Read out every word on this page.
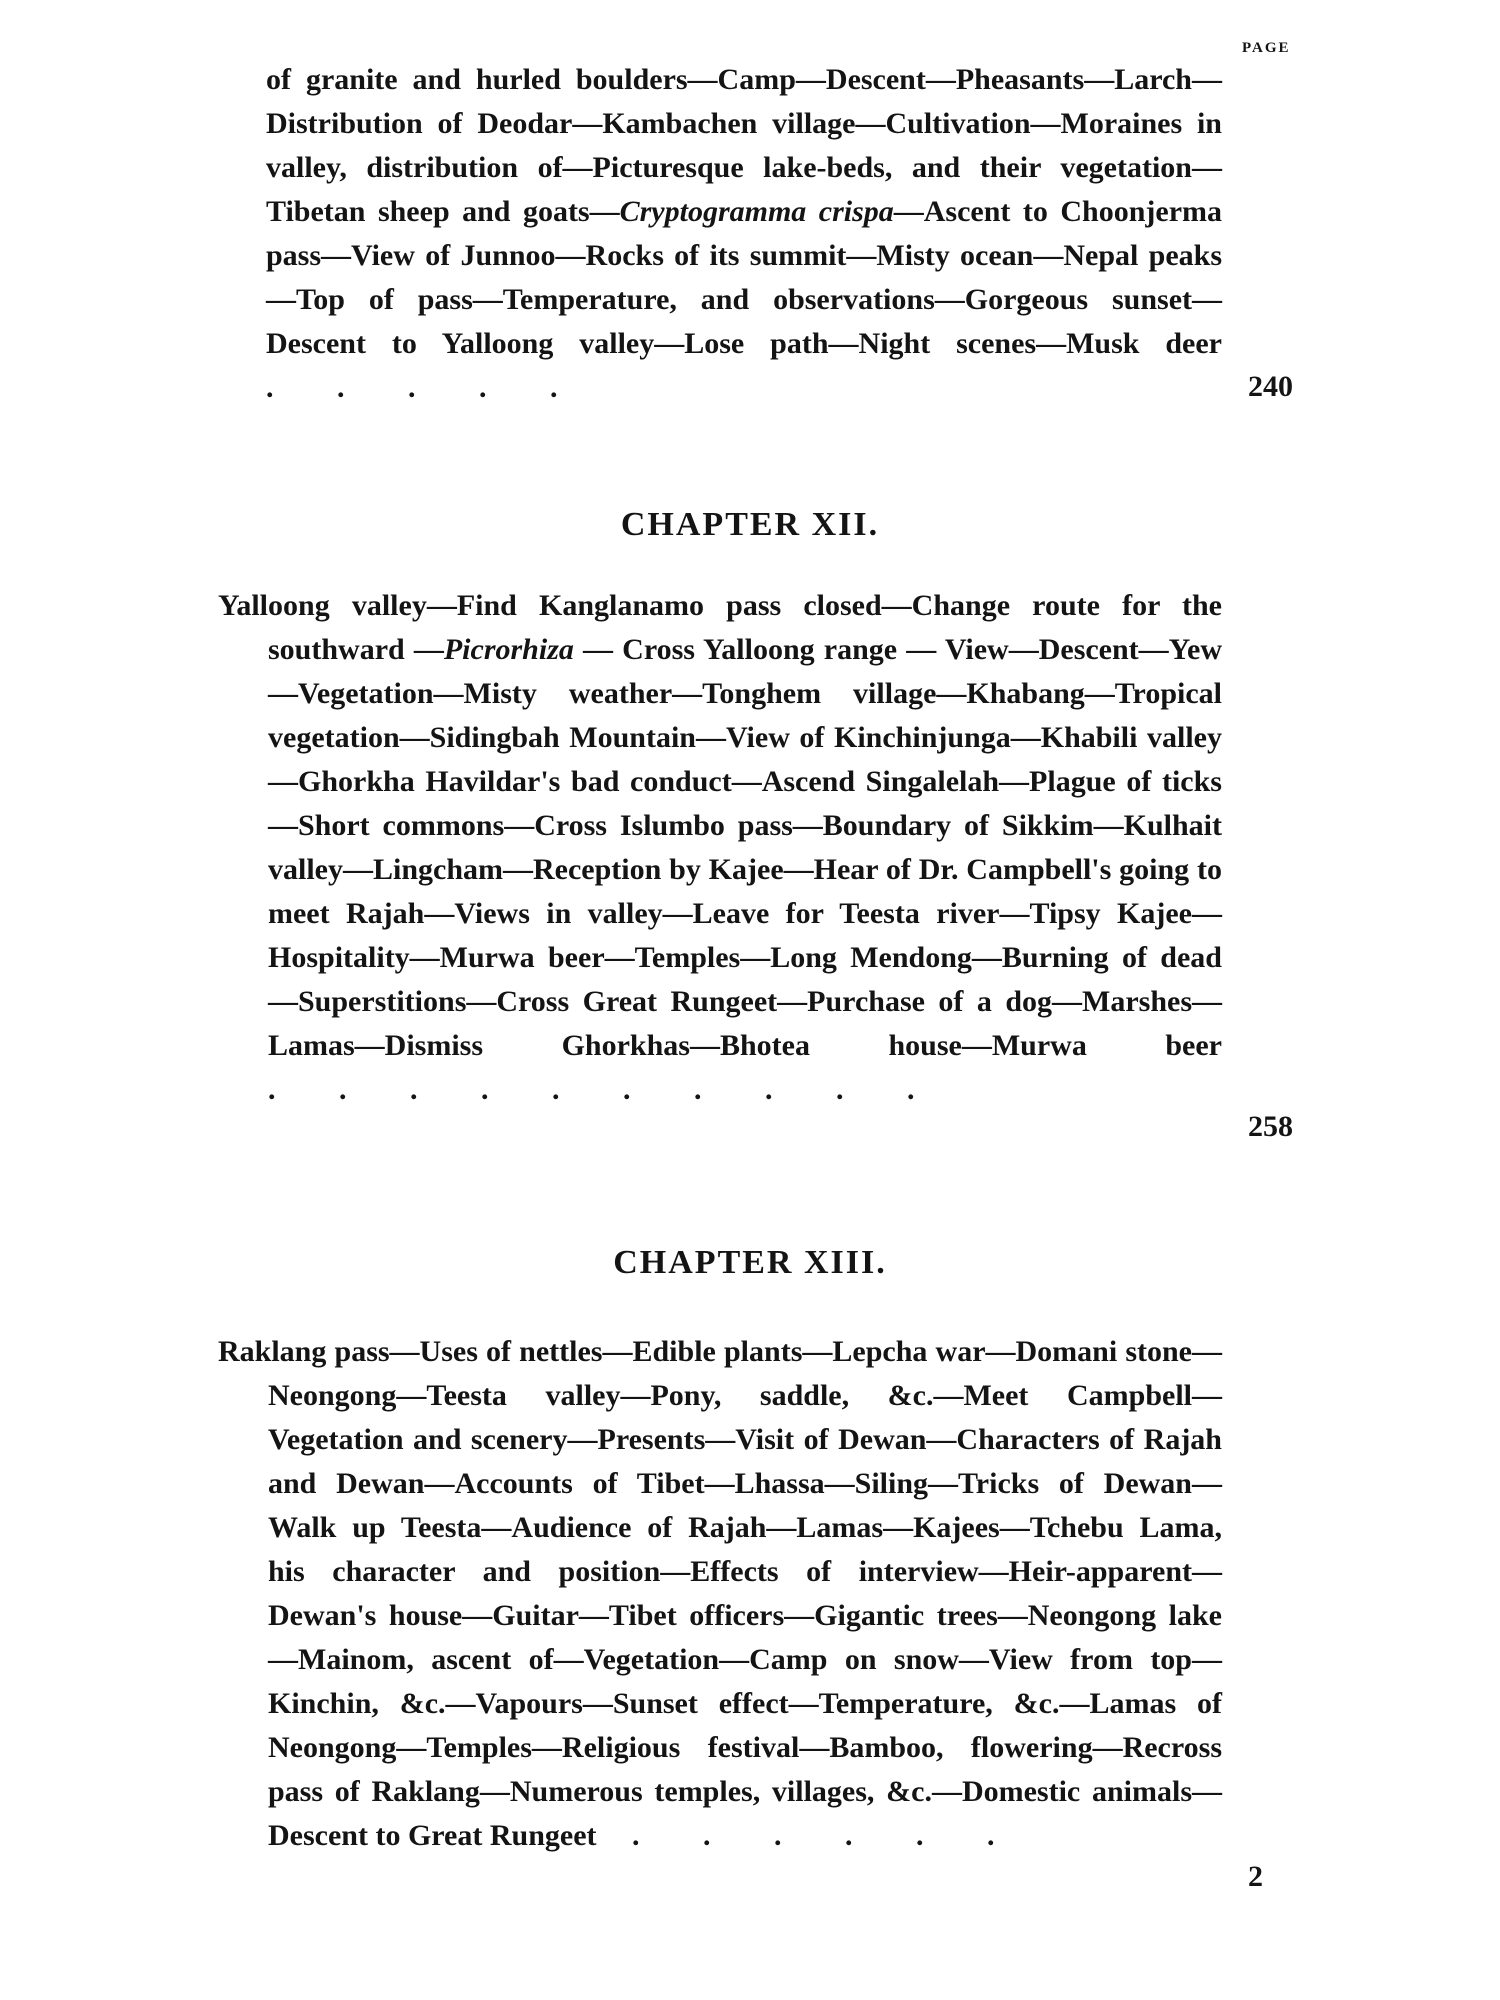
PAGE
of granite and hurled boulders—Camp—Descent—Pheasants—Larch—Distribution of Deodar—Kambachen village—Cultivation—Moraines in valley, distribution of—Picturesque lake-beds, and their vegetation—Tibetan sheep and goats—Cryptogramma crispa—Ascent to Choonjerma pass—View of Junnoo—Rocks of its summit—Misty ocean—Nepal peaks—Top of pass—Temperature, and observations—Gorgeous sunset—Descent to Yalloong valley—Lose path—Night scenes—Musk deer . . . . .	240
CHAPTER XII.
Yalloong valley—Find Kanglanamo pass closed—Change route for the southward —Picrorhiza — Cross Yalloong range — View—Descent—Yew—Vegetation—Misty weather—Tonghem village—Khabang—Tropical vegetation—Sidingbah Mountain—View of Kinchinjunga—Khabili valley—Ghorkha Havildar's bad conduct—Ascend Singalelah—Plague of ticks—Short commons—Cross Islumbo pass—Boundary of Sikkim—Kulhait valley—Lingcham—Reception by Kajee—Hear of Dr. Campbell's going to meet Rajah—Views in valley—Leave for Teesta river—Tipsy Kajee—Hospitality—Murwa beer—Temples—Long Mendong—Burning of dead—Superstitions—Cross Great Rungeet—Purchase of a dog—Marshes—Lamas—Dismiss Ghorkhas—Bhotea house—Murwa beer . . . . . . . . . .
258
CHAPTER XIII.
Raklang pass—Uses of nettles—Edible plants—Lepcha war—Domani stone—Neongong—Teesta valley—Pony, saddle, &c.—Meet Campbell—Vegetation and scenery—Presents—Visit of Dewan—Characters of Rajah and Dewan—Accounts of Tibet—Lhassa—Siling—Tricks of Dewan—Walk up Teesta—Audience of Rajah—Lamas—Kajees—Tchebu Lama, his character and position—Effects of interview—Heir-apparent—Dewan's house—Guitar—Tibet officers—Gigantic trees—Neongong lake—Mainom, ascent of—Vegetation—Camp on snow—View from top—Kinchin, &c.—Vapours—Sunset effect—Temperature, &c.—Lamas of Neongong—Temples—Religious festival—Bamboo, flowering—Recross pass of Raklang—Numerous temples, villages, &c.—Domestic animals—Descent to Great Rungeet . . . . . .
2
